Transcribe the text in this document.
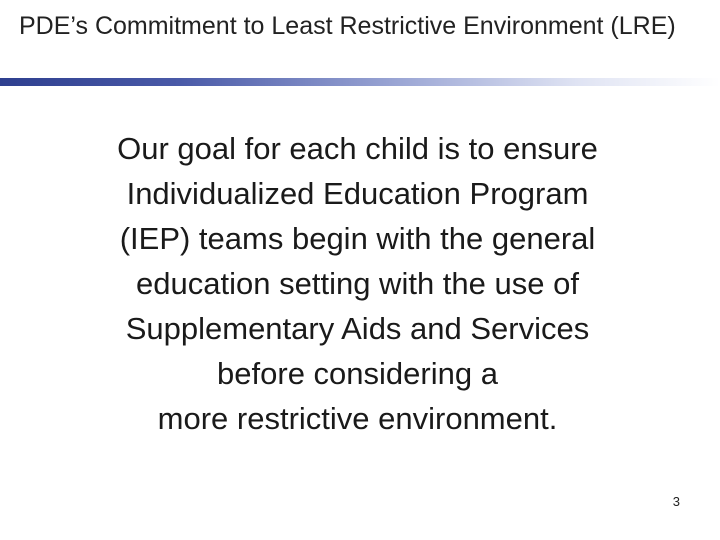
PDE’s Commitment to Least Restrictive Environment (LRE)

Our goal for each child is to ensure
Individualized Education Program
(IEP) teams begin with the general
education setting with the use of
Supplementary Aids and Services
before considering a
more restrictive environment.

3
